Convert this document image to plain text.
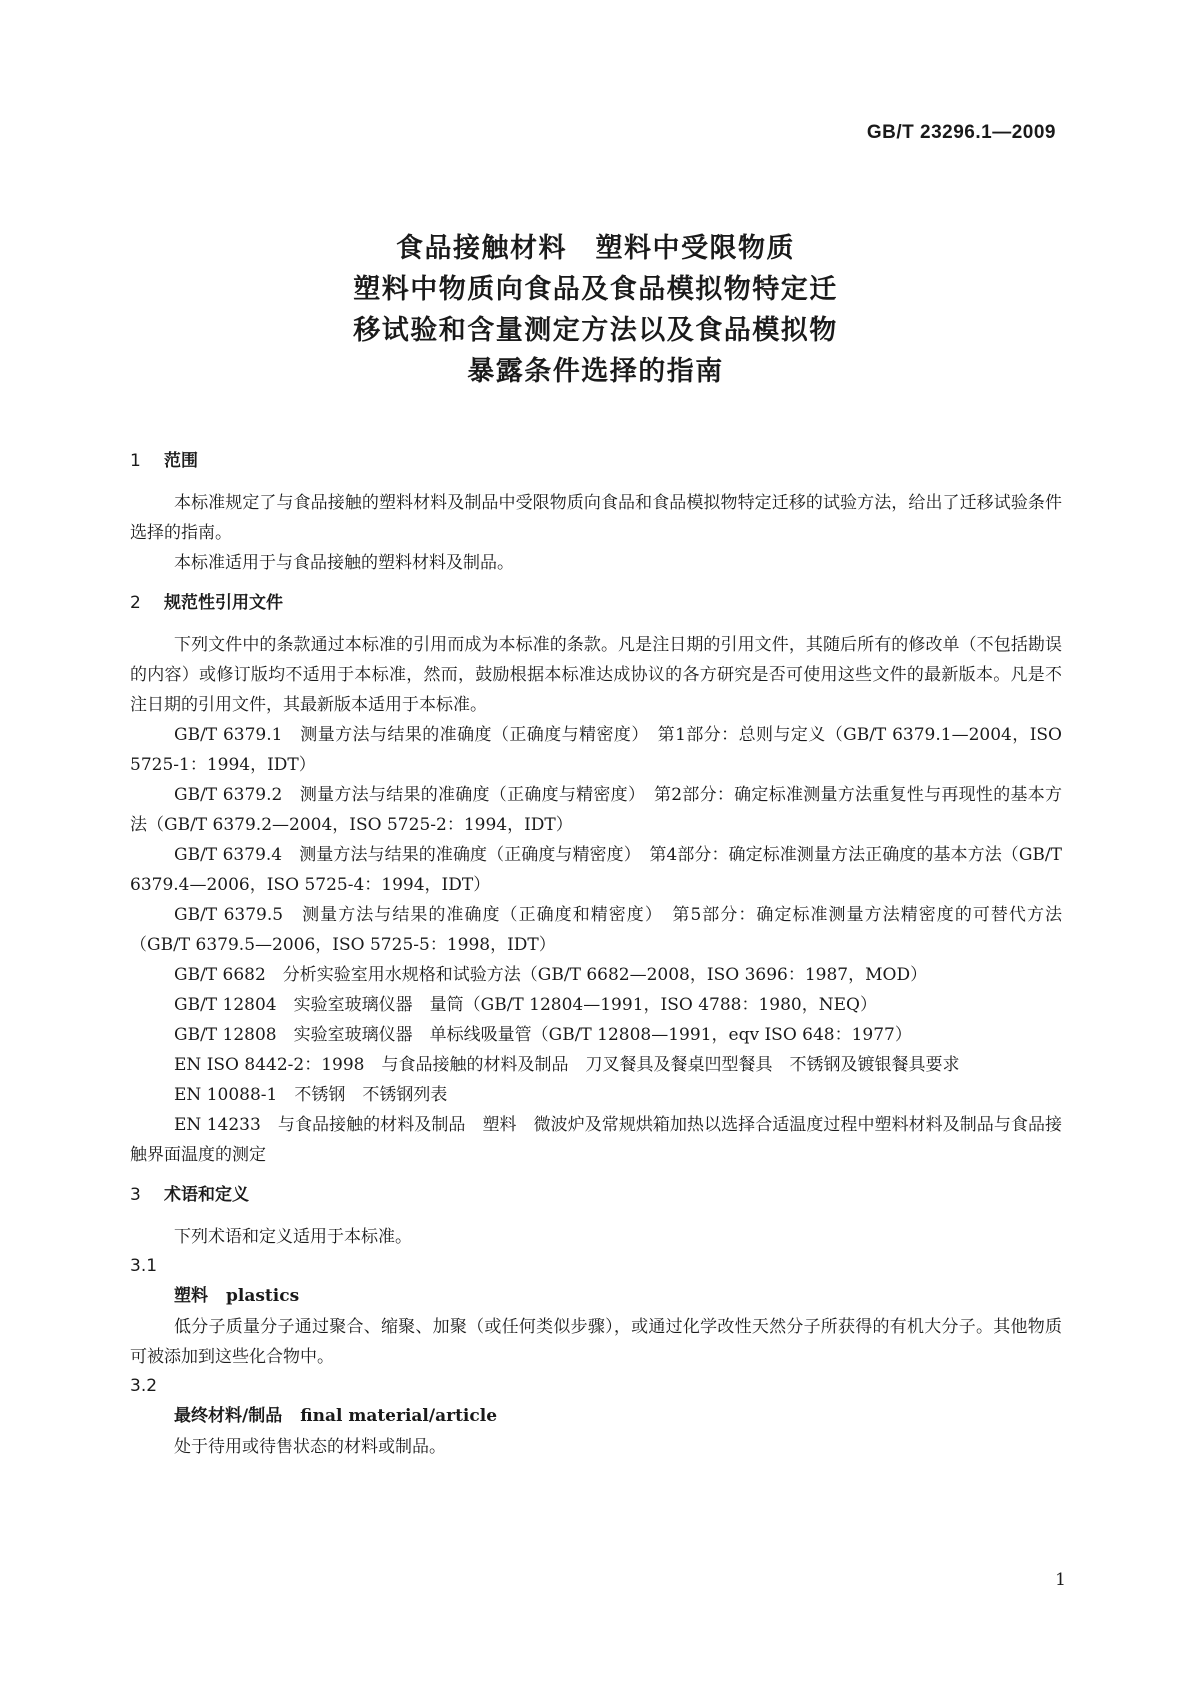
GB/T 23296.1—2009
食品接触材料　塑料中受限物质
塑料中物质向食品及食品模拟物特定迁
移试验和含量测定方法以及食品模拟物
暴露条件选择的指南
1 范围

本标准规定了与食品接触的塑料材料及制品中受限物质向食品和食品模拟物特定迁移的试验方法，给出了迁移试验条件选择的指南。

本标准适用于与食品接触的塑料材料及制品。

2 规范性引用文件

下列文件中的条款通过本标准的引用而成为本标准的条款。凡是注日期的引用文件，其随后所有的修改单（不包括勘误的内容）或修订版均不适用于本标准，然而，鼓励根据本标准达成协议的各方研究是否可使用这些文件的最新版本。凡是不注日期的引用文件，其最新版本适用于本标准。

GB/T 6379.1　测量方法与结果的准确度（正确度与精密度）　第1部分：总则与定义（GB/T 6379.1—2004，ISO 5725-1：1994，IDT）

GB/T 6379.2　测量方法与结果的准确度（正确度与精密度）　第2部分：确定标准测量方法重复性与再现性的基本方法（GB/T 6379.2—2004，ISO 5725-2：1994，IDT）

GB/T 6379.4　测量方法与结果的准确度（正确度与精密度）　第4部分：确定标准测量方法正确度的基本方法（GB/T 6379.4—2006，ISO 5725-4：1994，IDT）

GB/T 6379.5　测量方法与结果的准确度（正确度和精密度）　第5部分：确定标准测量方法精密度的可替代方法（GB/T 6379.5—2006，ISO 5725-5：1998，IDT）

GB/T 6682　分析实验室用水规格和试验方法（GB/T 6682—2008，ISO 3696：1987，MOD）

GB/T 12804　实验室玻璃仪器　量筒（GB/T 12804—1991，ISO 4788：1980，NEQ）

GB/T 12808　实验室玻璃仪器　单标线吸量管（GB/T 12808—1991，eqv ISO 648：1977）

EN ISO 8442-2：1998　与食品接触的材料及制品　刀叉餐具及餐桌凹型餐具　不锈钢及镀银餐具要求

EN 10088-1　不锈钢　不锈钢列表

EN 14233　与食品接触的材料及制品　塑料　微波炉及常规烘箱加热以选择合适温度过程中塑料材料及制品与食品接触界面温度的测定

3 术语和定义

下列术语和定义适用于本标准。

3.1
塑料 plastics

低分子质量分子通过聚合、缩聚、加聚（或任何类似步骤），或通过化学改性天然分子所获得的有机大分子。其他物质可被添加到这些化合物中。

3.2
最终材料/制品 final material/article

处于待用或待售状态的材料或制品。

1
